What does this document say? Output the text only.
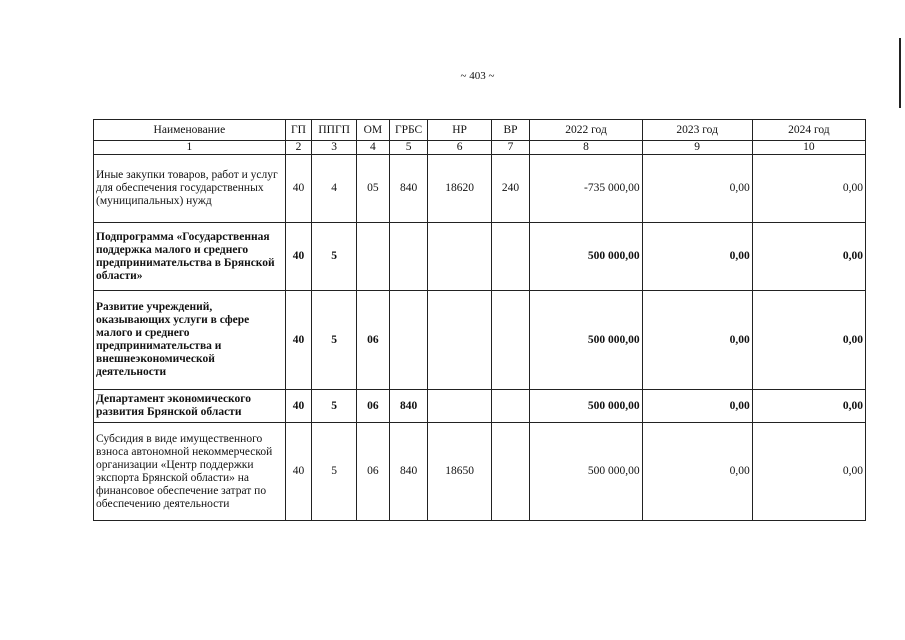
~ 403 ~
Наименование	ГП	ППГП	ОМ	ГРБС	НР	ВР	2022 год	2023 год	2024 год
1	2	3	4	5	6	7	8	9	10
Иные закупки товаров, работ и услуг для обеспечения государственных (муниципальных) нужд	40	4	05	840	18620	240	-735 000,00	0,00	0,00
Подпрограмма «Государственная поддержка малого и среднего предпринимательства в Брянской области»	40	5					500 000,00	0,00	0,00
Развитие учреждений, оказывающих услуги в сфере малого и среднего предпринимательства и внешнеэкономической деятельности	40	5	06				500 000,00	0,00	0,00
Департамент экономического развития Брянской области	40	5	06	840			500 000,00	0,00	0,00
Субсидия в виде имущественного взноса автономной некоммерческой организации «Центр поддержки экспорта Брянской области» на финансовое обеспечение затрат по обеспечению деятельности	40	5	06	840	18650		500 000,00	0,00	0,00
